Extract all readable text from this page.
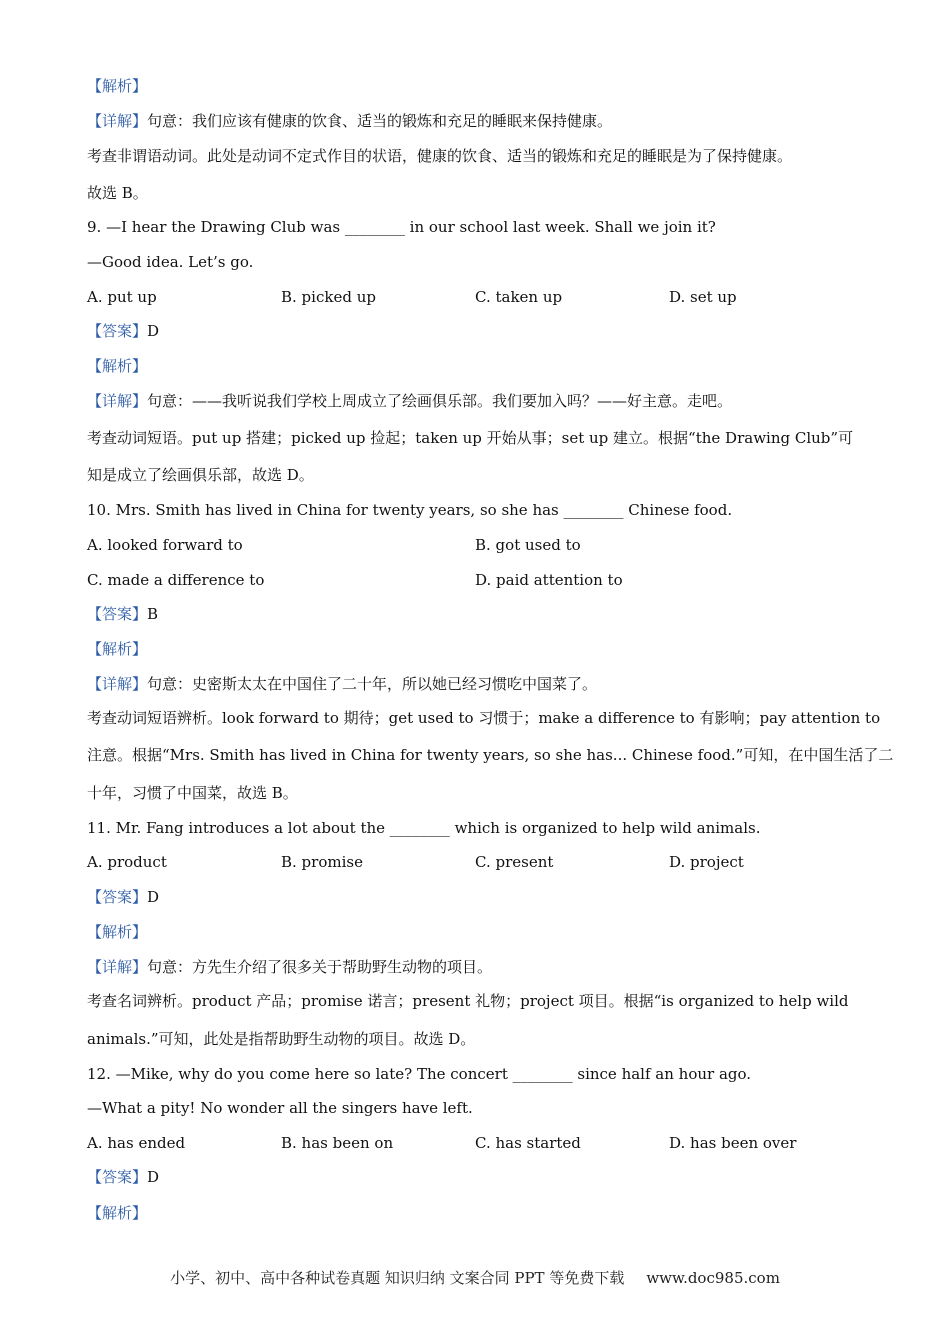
【解析】
【详解】句意：我们应该有健康的饮食、适当的锻炼和充足的睡眠来保持健康。
考查非谓语动词。此处是动词不定式作目的状语，健康的饮食、适当的锻炼和充足的睡眠是为了保持健康。
故选 B。
9. —I hear the Drawing Club was ________ in our school last week. Shall we join it?
—Good idea. Let’s go.
A. put up	B. picked up	C. taken up	D. set up
【答案】D
【解析】
【详解】句意：——我听说我们学校上周成立了绘画俱乐部。我们要加入吗？——好主意。走吧。
考查动词短语。put up 搭建；picked up 捡起；taken up 开始从事；set up 建立。根据“the Drawing Club”可
知是成立了绘画俱乐部，故选 D。
10. Mrs. Smith has lived in China for twenty years, so she has ________ Chinese food.
A. looked forward to	B. got used to
C. made a difference to	D. paid attention to
【答案】B
【解析】
【详解】句意：史密斯太太在中国住了二十年，所以她已经习惯吃中国菜了。
考查动词短语辨析。look forward to 期待；get used to 习惯于；make a difference to 有影响；pay attention to
注意。根据“Mrs. Smith has lived in China for twenty years, so she has... Chinese food.”可知，在中国生活了二
十年，习惯了中国菜，故选 B。
11. Mr. Fang introduces a lot about the ________ which is organized to help wild animals.
A. product	B. promise	C. present	D. project
【答案】D
【解析】
【详解】句意：方先生介绍了很多关于帮助野生动物的项目。
考查名词辨析。product 产品；promise 诺言；present 礼物；project 项目。根据“is organized to help wild
animals.”可知，此处是指帮助野生动物的项目。故选 D。
12. —Mike, why do you come here so late? The concert ________ since half an hour ago.
—What a pity! No wonder all the singers have left.
A. has ended	B. has been on	C. has started	D. has been over
【答案】D
【解析】
小学、初中、高中各种试卷真题 知识归纳 文案合同 PPT 等免费下载 www.doc985.com
